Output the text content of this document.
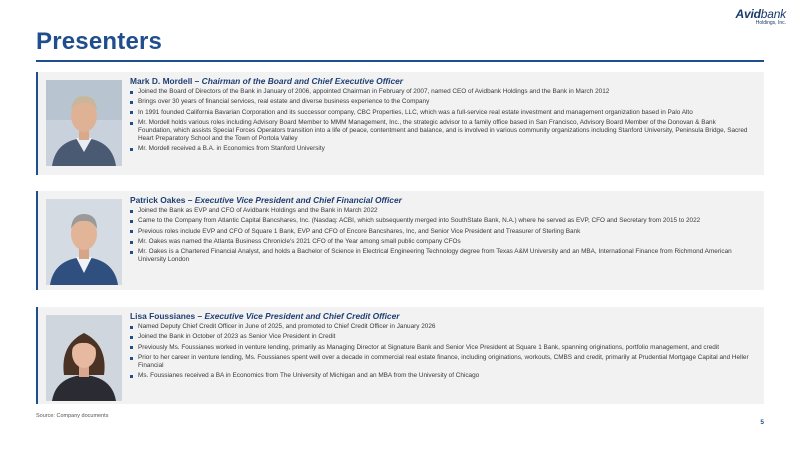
Avidbank
Holdings, Inc.
Presenters
Mark D. Mordell – Chairman of the Board and Chief Executive Officer
Joined the Board of Directors of the Bank in January of 2006, appointed Chairman in February of 2007, named CEO of Avidbank Holdings and the Bank in March 2012
Brings over 30 years of financial services, real estate and diverse business experience to the Company
In 1991 founded California Bavarian Corporation and its successor company, CBC Properties, LLC, which was a full-service real estate investment and management organization based in Palo Alto
Mr. Mordell holds various roles including Advisory Board Member to MMM Management, Inc., the strategic advisor to a family office based in San Francisco, Advisory Board Member of the Donovan & Bank Foundation, which assists Special Forces Operators transition into a life of peace, contentment and balance, and is involved in various community organizations including Stanford University, Peninsula Bridge, Sacred Heart Preparatory School and the Town of Portola Valley
Mr. Mordell received a B.A. in Economics from Stanford University
Patrick Oakes – Executive Vice President and Chief Financial Officer
Joined the Bank as EVP and CFO of Avidbank Holdings and the Bank in March 2022
Came to the Company from Atlantic Capital Bancshares, Inc. (Nasdaq: ACBI, which subsequently merged into SouthState Bank, N.A.) where he served as EVP, CFO and Secretary from 2015 to 2022
Previous roles include EVP and CFO of Square 1 Bank, EVP and CFO of Encore Bancshares, Inc, and Senior Vice President and Treasurer of Sterling Bank
Mr. Oakes was named the Atlanta Business Chronicle's 2021 CFO of the Year among small public company CFOs
Mr. Oakes is a Chartered Financial Analyst, and holds a Bachelor of Science in Electrical Engineering Technology degree from Texas A&M University and an MBA, International Finance from Richmond American University London
Lisa Foussianes – Executive Vice President and Chief Credit Officer
Named Deputy Chief Credit Officer in June of 2025, and promoted to Chief Credit Officer in January 2026
Joined the Bank in October of 2023 as Senior Vice President in Credit
Previously Ms. Foussianes worked in venture lending, primarily as Managing Director at Signature Bank and Senior Vice President at Square 1 Bank, spanning originations, portfolio management, and credit
Prior to her career in venture lending, Ms. Foussianes spent well over a decade in commercial real estate finance, including originations, workouts, CMBS and credit, primarily at Prudential Mortgage Capital and Heller Financial
Ms. Foussianes received a BA in Economics from The University of Michigan and an MBA from the University of Chicago
Source: Company documents
5
